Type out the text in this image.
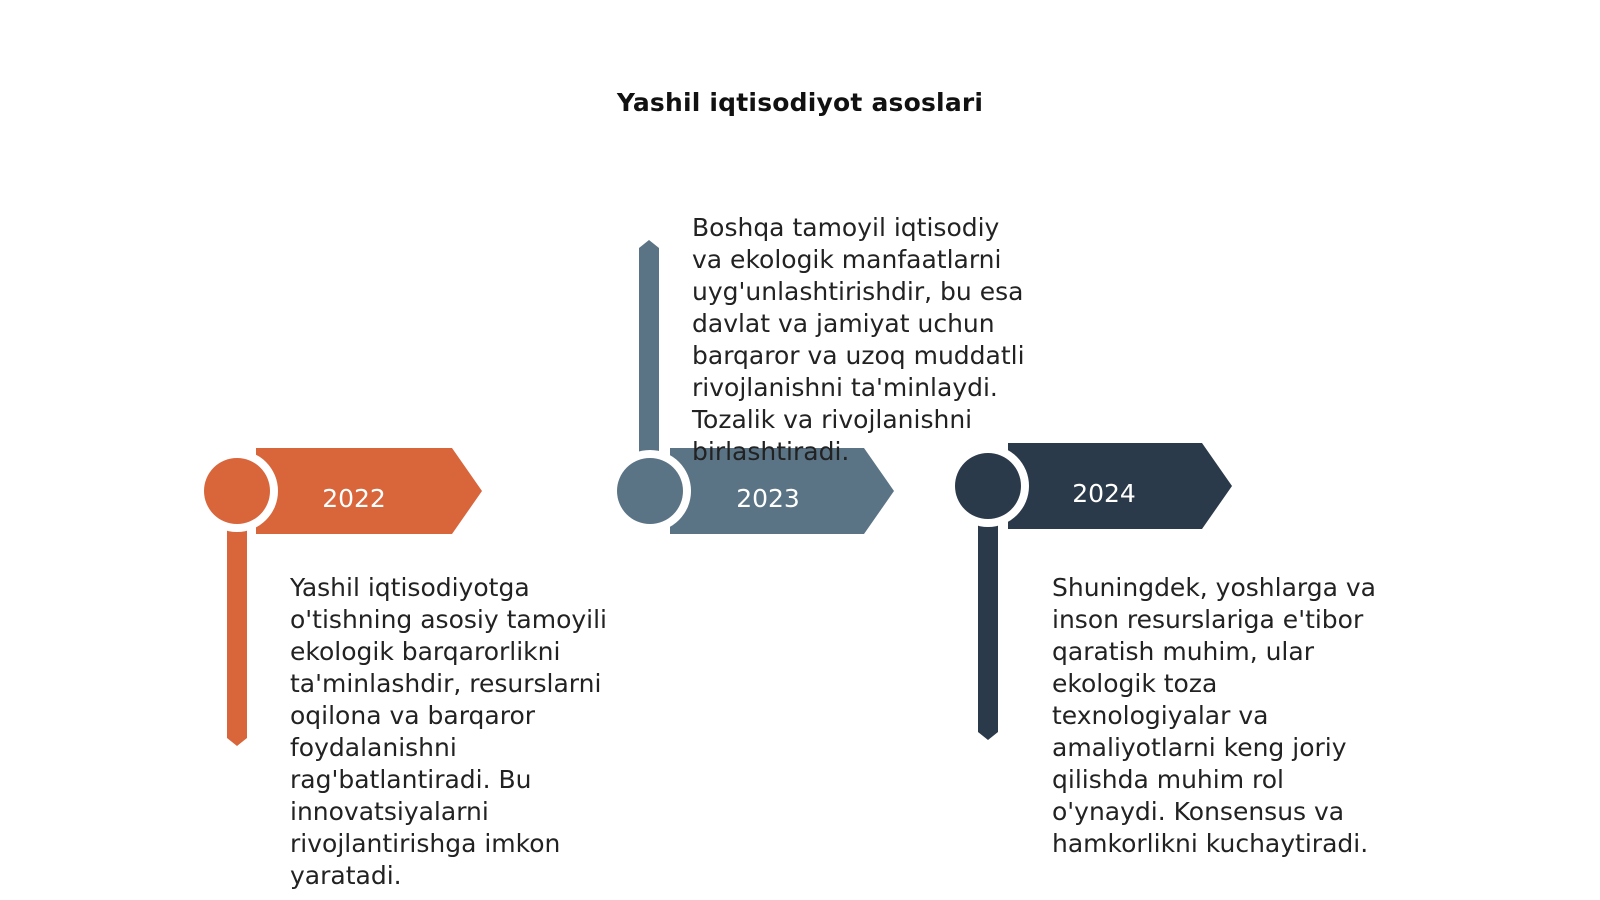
Yashil iqtisodiyot asoslari
2022	2023	2024
Yashil iqtisodiyotga
o'tishning asosiy tamoyili
ekologik barqarorlikni
ta'minlashdir, resurslarni
oqilona va barqaror
foydalanishni
rag'batlantiradi. Bu
innovatsiyalarni
rivojlantirishga imkon
yaratadi.
Boshqa tamoyil iqtisodiy
va ekologik manfaatlarni
uyg'unlashtirishdir, bu esa
davlat va jamiyat uchun
barqaror va uzoq muddatli
rivojlanishni ta'minlaydi.
Tozalik va rivojlanishni
birlashtiradi.
Shuningdek, yoshlarga va
inson resurslariga e'tibor
qaratish muhim, ular
ekologik toza
texnologiyalar va
amaliyotlarni keng joriy
qilishda muhim rol
o'ynaydi. Konsensus va
hamkorlikni kuchaytiradi.
